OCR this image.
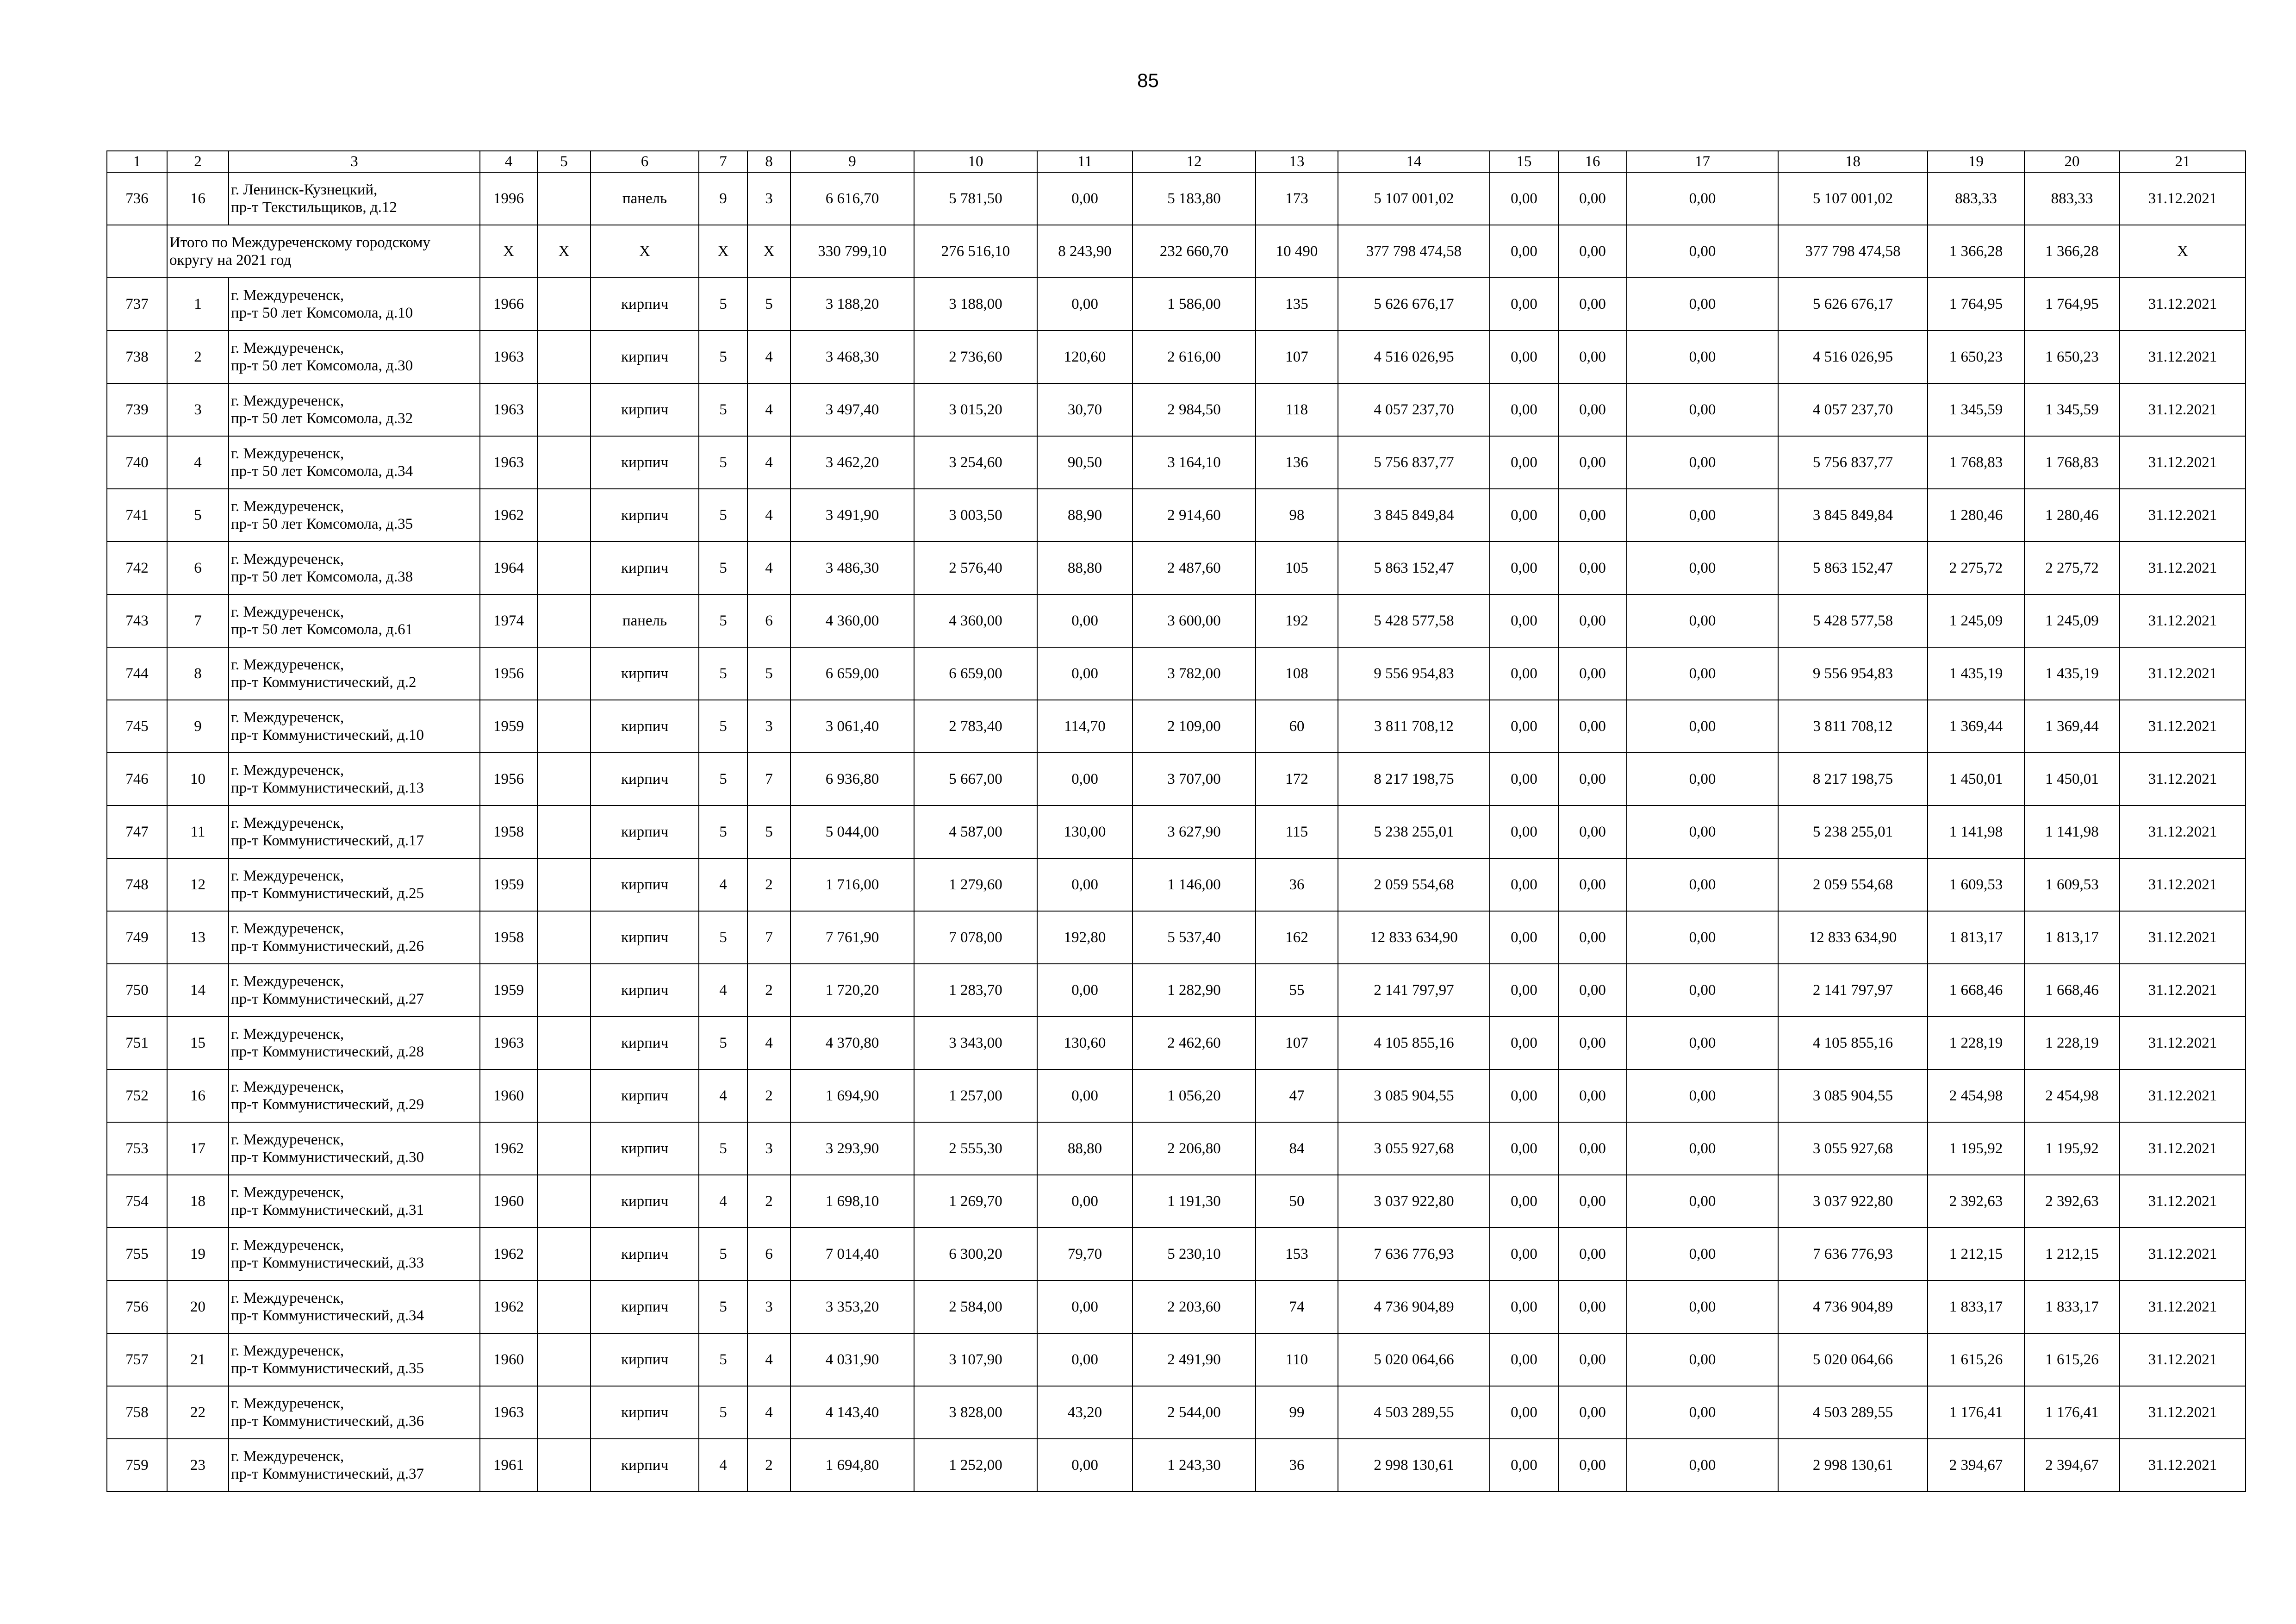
85
1	2	3	4	5	6	7	8	9	10	11	12	13	14	15	16	17	18	19	20	21
736	16	г. Ленинск-Кузнецкий,
пр-т Текстильщиков, д.12	1996		панель	9	3	6 616,70	5 781,50	0,00	5 183,80	173	5 107 001,02	0,00	0,00	0,00	5 107 001,02	883,33	883,33	31.12.2021
	Итого по Междуреченскому городскому округу на 2021 год		X	X	X	X	X	330 799,10	276 516,10	8 243,90	232 660,70	10 490	377 798 474,58	0,00	0,00	0,00	377 798 474,58	1 366,28	1 366,28	X
737	1	г. Междуреченск,
пр-т 50 лет Комсомола, д.10	1966		кирпич	5	5	3 188,20	3 188,00	0,00	1 586,00	135	5 626 676,17	0,00	0,00	0,00	5 626 676,17	1 764,95	1 764,95	31.12.2021
738	2	г. Междуреченск,
пр-т 50 лет Комсомола, д.30	1963		кирпич	5	4	3 468,30	2 736,60	120,60	2 616,00	107	4 516 026,95	0,00	0,00	0,00	4 516 026,95	1 650,23	1 650,23	31.12.2021
739	3	г. Междуреченск,
пр-т 50 лет Комсомола, д.32	1963		кирпич	5	4	3 497,40	3 015,20	30,70	2 984,50	118	4 057 237,70	0,00	0,00	0,00	4 057 237,70	1 345,59	1 345,59	31.12.2021
740	4	г. Междуреченск,
пр-т 50 лет Комсомола, д.34	1963		кирпич	5	4	3 462,20	3 254,60	90,50	3 164,10	136	5 756 837,77	0,00	0,00	0,00	5 756 837,77	1 768,83	1 768,83	31.12.2021
741	5	г. Междуреченск,
пр-т 50 лет Комсомола, д.35	1962		кирпич	5	4	3 491,90	3 003,50	88,90	2 914,60	98	3 845 849,84	0,00	0,00	0,00	3 845 849,84	1 280,46	1 280,46	31.12.2021
742	6	г. Междуреченск,
пр-т 50 лет Комсомола, д.38	1964		кирпич	5	4	3 486,30	2 576,40	88,80	2 487,60	105	5 863 152,47	0,00	0,00	0,00	5 863 152,47	2 275,72	2 275,72	31.12.2021
743	7	г. Междуреченск,
пр-т 50 лет Комсомола, д.61	1974		панель	5	6	4 360,00	4 360,00	0,00	3 600,00	192	5 428 577,58	0,00	0,00	0,00	5 428 577,58	1 245,09	1 245,09	31.12.2021
744	8	г. Междуреченск,
пр-т Коммунистический, д.2	1956		кирпич	5	5	6 659,00	6 659,00	0,00	3 782,00	108	9 556 954,83	0,00	0,00	0,00	9 556 954,83	1 435,19	1 435,19	31.12.2021
745	9	г. Междуреченск,
пр-т Коммунистический, д.10	1959		кирпич	5	3	3 061,40	2 783,40	114,70	2 109,00	60	3 811 708,12	0,00	0,00	0,00	3 811 708,12	1 369,44	1 369,44	31.12.2021
746	10	г. Междуреченск,
пр-т Коммунистический, д.13	1956		кирпич	5	7	6 936,80	5 667,00	0,00	3 707,00	172	8 217 198,75	0,00	0,00	0,00	8 217 198,75	1 450,01	1 450,01	31.12.2021
747	11	г. Междуреченск,
пр-т Коммунистический, д.17	1958		кирпич	5	5	5 044,00	4 587,00	130,00	3 627,90	115	5 238 255,01	0,00	0,00	0,00	5 238 255,01	1 141,98	1 141,98	31.12.2021
748	12	г. Междуреченск,
пр-т Коммунистический, д.25	1959		кирпич	4	2	1 716,00	1 279,60	0,00	1 146,00	36	2 059 554,68	0,00	0,00	0,00	2 059 554,68	1 609,53	1 609,53	31.12.2021
749	13	г. Междуреченск,
пр-т Коммунистический, д.26	1958		кирпич	5	7	7 761,90	7 078,00	192,80	5 537,40	162	12 833 634,90	0,00	0,00	0,00	12 833 634,90	1 813,17	1 813,17	31.12.2021
750	14	г. Междуреченск,
пр-т Коммунистический, д.27	1959		кирпич	4	2	1 720,20	1 283,70	0,00	1 282,90	55	2 141 797,97	0,00	0,00	0,00	2 141 797,97	1 668,46	1 668,46	31.12.2021
751	15	г. Междуреченск,
пр-т Коммунистический, д.28	1963		кирпич	5	4	4 370,80	3 343,00	130,60	2 462,60	107	4 105 855,16	0,00	0,00	0,00	4 105 855,16	1 228,19	1 228,19	31.12.2021
752	16	г. Междуреченск,
пр-т Коммунистический, д.29	1960		кирпич	4	2	1 694,90	1 257,00	0,00	1 056,20	47	3 085 904,55	0,00	0,00	0,00	3 085 904,55	2 454,98	2 454,98	31.12.2021
753	17	г. Междуреченск,
пр-т Коммунистический, д.30	1962		кирпич	5	3	3 293,90	2 555,30	88,80	2 206,80	84	3 055 927,68	0,00	0,00	0,00	3 055 927,68	1 195,92	1 195,92	31.12.2021
754	18	г. Междуреченск,
пр-т Коммунистический, д.31	1960		кирпич	4	2	1 698,10	1 269,70	0,00	1 191,30	50	3 037 922,80	0,00	0,00	0,00	3 037 922,80	2 392,63	2 392,63	31.12.2021
755	19	г. Междуреченск,
пр-т Коммунистический, д.33	1962		кирпич	5	6	7 014,40	6 300,20	79,70	5 230,10	153	7 636 776,93	0,00	0,00	0,00	7 636 776,93	1 212,15	1 212,15	31.12.2021
756	20	г. Междуреченск,
пр-т Коммунистический, д.34	1962		кирпич	5	3	3 353,20	2 584,00	0,00	2 203,60	74	4 736 904,89	0,00	0,00	0,00	4 736 904,89	1 833,17	1 833,17	31.12.2021
757	21	г. Междуреченск,
пр-т Коммунистический, д.35	1960		кирпич	5	4	4 031,90	3 107,90	0,00	2 491,90	110	5 020 064,66	0,00	0,00	0,00	5 020 064,66	1 615,26	1 615,26	31.12.2021
758	22	г. Междуреченск,
пр-т Коммунистический, д.36	1963		кирпич	5	4	4 143,40	3 828,00	43,20	2 544,00	99	4 503 289,55	0,00	0,00	0,00	4 503 289,55	1 176,41	1 176,41	31.12.2021
759	23	г. Междуреченск,
пр-т Коммунистический, д.37	1961		кирпич	4	2	1 694,80	1 252,00	0,00	1 243,30	36	2 998 130,61	0,00	0,00	0,00	2 998 130,61	2 394,67	2 394,67	31.12.2021
